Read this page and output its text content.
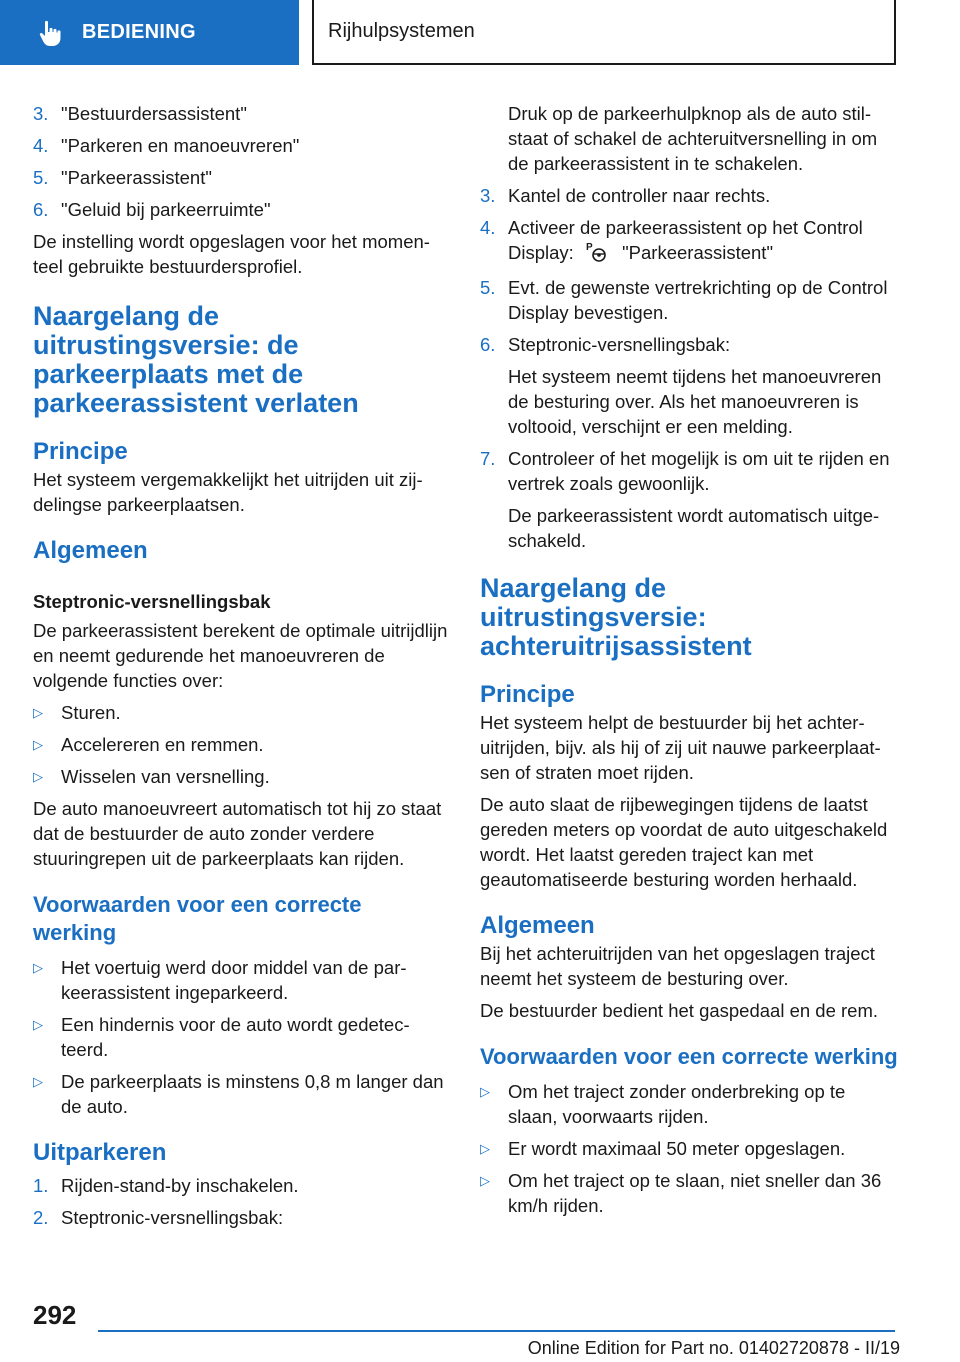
BEDIENING	Rijhulpsystemen
3. "Bestuurdersassistent"
4. "Parkeren en manoeuvreren"
5. "Parkeerassistent"
6. "Geluid bij parkeerruimte"

De instelling wordt opgeslagen voor het momenteel gebruikte bestuurdersprofiel.

Naargelang de uitrustingsversie: de parkeerplaats met de parkeerassistent verlaten
Principe

Het systeem vergemakkelijkt het uitrijden uit zijdelingse parkeerplaatsen.

Algemeen
Steptronic-versnellingsbak

De parkeerassistent berekent de optimale uitrijdlijn en neemt gedurende het manoeuvreren de volgende functies over:

▷ Sturen.
▷ Accelereren en remmen.
▷ Wisselen van versnelling.

De auto manoeuvreert automatisch tot hij zo staat dat de bestuurder de auto zonder verdere stuuringrepen uit de parkeerplaats kan rijden.

Voorwaarden voor een correcte werking
▷ Het voertuig werd door middel van de parkeerassistent ingeparkeerd.
▷ Een hindernis voor de auto wordt gedetecteerd.
▷ De parkeerplaats is minstens 0,8 m langer dan de auto.
Uitparkeren
1. Rijden-stand-by inschakelen.
2. Steptronic-versnellingsbak:
Druk op de parkeerhulpknop als de auto stilstaat of schakel de achteruitversnelling in om de parkeerassistent in te schakelen.
3. Kantel de controller naar rechts.
4. Activeer de parkeerassistent op het Control Display: P "Parkeerassistent"
5. Evt. de gewenste vertrekrichting op de Control Display bevestigen.
6. Steptronic-versnellingsbak:
Het systeem neemt tijdens het manoeuvreren de besturing over. Als het manoeuvreren is voltooid, verschijnt er een melding.
7. Controleer of het mogelijk is om uit te rijden en vertrek zoals gewoonlijk.
De parkeerassistent wordt automatisch uitgeschakeld.
Naargelang de uitrustingsversie: achteruitrijsassistent
Principe

Het systeem helpt de bestuurder bij het achteruitrijden, bijv. als hij of zij uit nauwe parkeerplaatsen of straten moet rijden.

De auto slaat de rijbewegingen tijdens de laatst gereden meters op voordat de auto uitgeschakeld wordt. Het laatst gereden traject kan met geautomatiseerde besturing worden herhaald.

Algemeen

Bij het achteruitrijden van het opgeslagen traject neemt het systeem de besturing over.

De bestuurder bedient het gaspedaal en de rem.

Voorwaarden voor een correcte werking
▷ Om het traject zonder onderbreking op te slaan, voorwaarts rijden.
▷ Er wordt maximaal 50 meter opgeslagen.
▷ Om het traject op te slaan, niet sneller dan 36 km/h rijden.
292
Online Edition for Part no. 01402720878 - II/19
